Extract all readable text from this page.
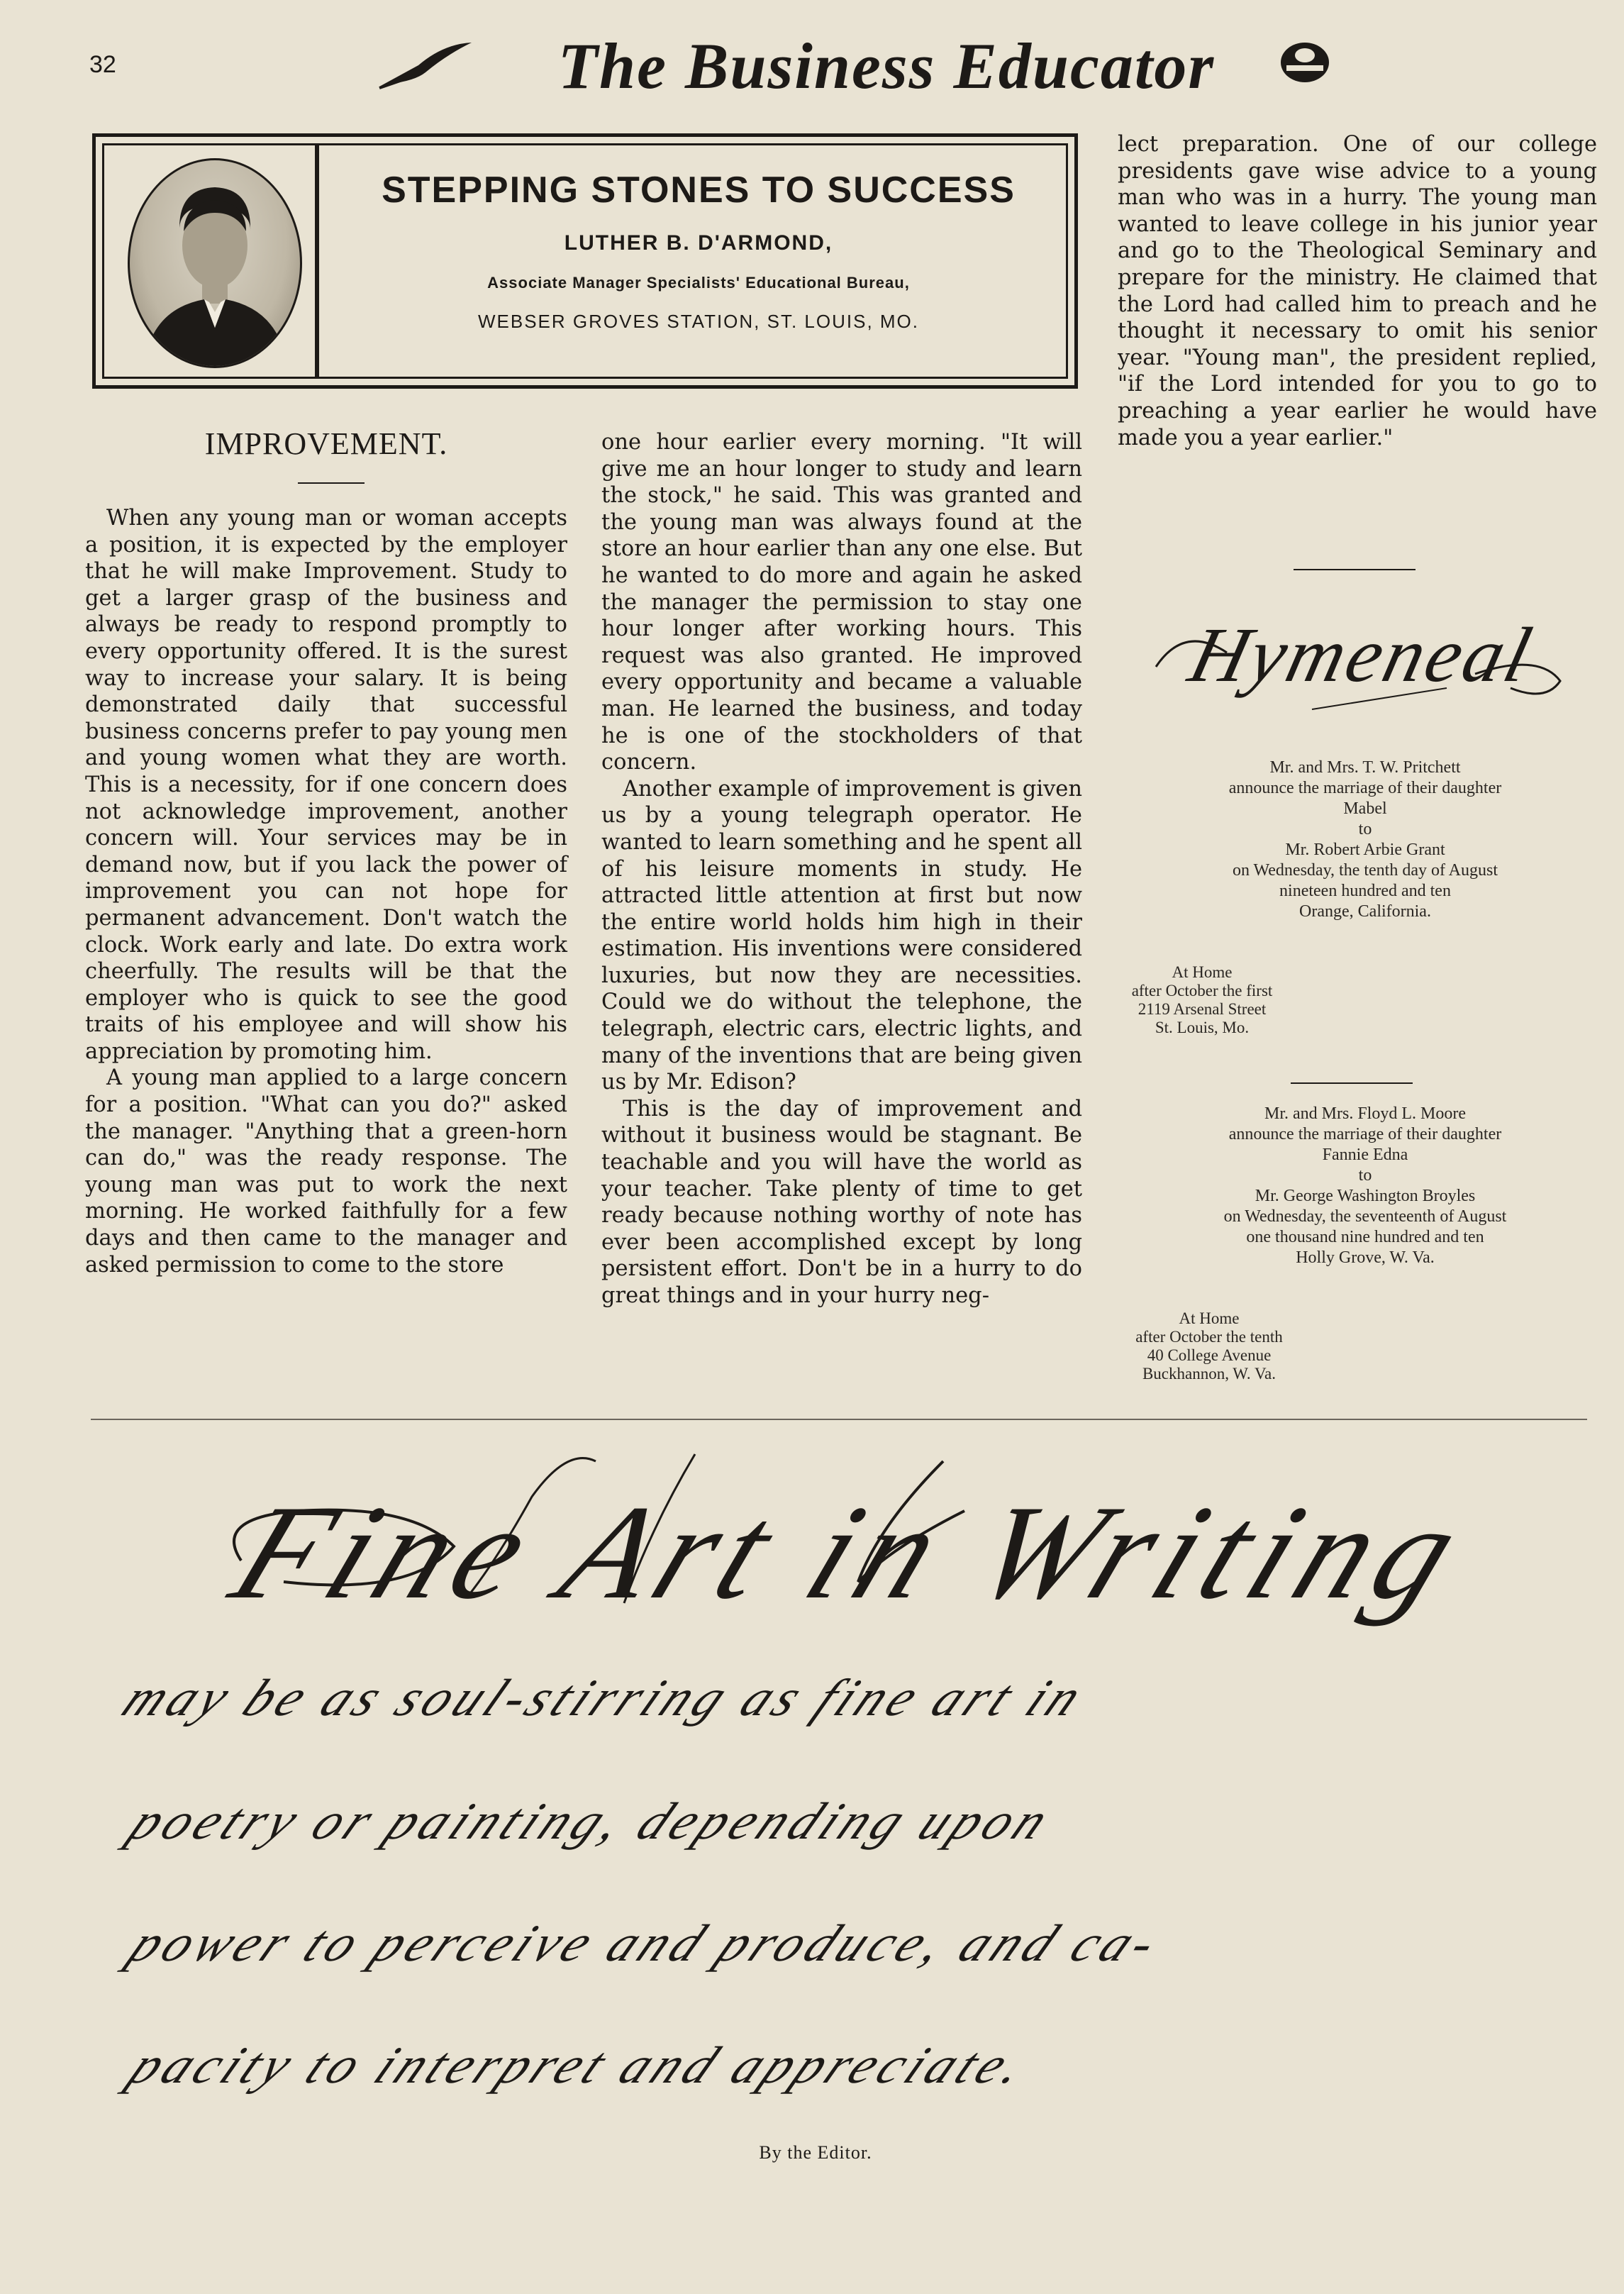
32	The Business Educator
STEPPING STONES TO SUCCESS
LUTHER B. D'ARMOND,
Associate Manager Specialists' Educational Bureau,
WEBSER GROVES STATION, ST. LOUIS, MO.
IMPROVEMENT.

When any young man or woman accepts a position, it is expected by the employer that he will make Improvement. Study to get a larger grasp of the business and always be ready to respond promptly to every opportunity offered. It is the surest way to increase your salary. It is being demonstrated daily that successful business concerns prefer to pay young men and young women what they are worth. This is a necessity, for if one concern does not acknowledge improvement, another concern will. Your services may be in demand now, but if you lack the power of improvement you can not hope for permanent advancement. Don't watch the clock. Work early and late. Do extra work cheerfully. The results will be that the employer who is quick to see the good traits of his employee and will show his appreciation by promoting him.

A young man applied to a large concern for a position. "What can you do?" asked the manager. "Anything that a green-horn can do," was the ready response. The young man was put to work the next morning. He worked faithfully for a few days and then came to the manager and asked permission to come to the store

one hour earlier every morning. "It will give me an hour longer to study and learn the stock," he said. This was granted and the young man was always found at the store an hour earlier than any one else. But he wanted to do more and again he asked the manager the permission to stay one hour longer after working hours. This request was also granted. He improved every opportunity and became a valuable man. He learned the business, and today he is one of the stockholders of that concern.

Another example of improvement is given us by a young telegraph operator. He wanted to learn something and he spent all of his leisure moments in study. He attracted little attention at first but now the entire world holds him high in their estimation. His inventions were considered luxuries, but now they are necessities. Could we do without the telephone, the telegraph, electric cars, electric lights, and many of the inventions that are being given us by Mr. Edison?

This is the day of improvement and without it business would be stagnant. Be teachable and you will have the world as your teacher. Take plenty of time to get ready because nothing worthy of note has ever been accomplished except by long persistent effort. Don't be in a hurry to do great things and in your hurry neg-

lect preparation. One of our college presidents gave wise advice to a young man who was in a hurry. The young man wanted to leave college in his junior year and go to the Theological Seminary and prepare for the ministry. He claimed that the Lord had called him to preach and he thought it necessary to omit his senior year. "Young man", the president replied, "if the Lord intended for you to go to preaching a year earlier he would have made you a year earlier."

Hymeneal
Mr. and Mrs. T. W. Pritchett
announce the marriage of their daughter
Mabel
to
Mr. Robert Arbie Grant
on Wednesday, the tenth day of August
nineteen hundred and ten
Orange, California.
At Home
after October the first
2119 Arsenal Street
St. Louis, Mo.
Mr. and Mrs. Floyd L. Moore
announce the marriage of their daughter
Fannie Edna
to
Mr. George Washington Broyles
on Wednesday, the seventeenth of August
one thousand nine hundred and ten
Holly Grove, W. Va.
At Home
after October the tenth
40 College Avenue
Buckhannon, W. Va.
Fine Art in Writing
may be as soul-stirring as fine art in
poetry or painting, depending upon
power to perceive and produce, and ca-
pacity to interpret and appreciate.
By the Editor.
